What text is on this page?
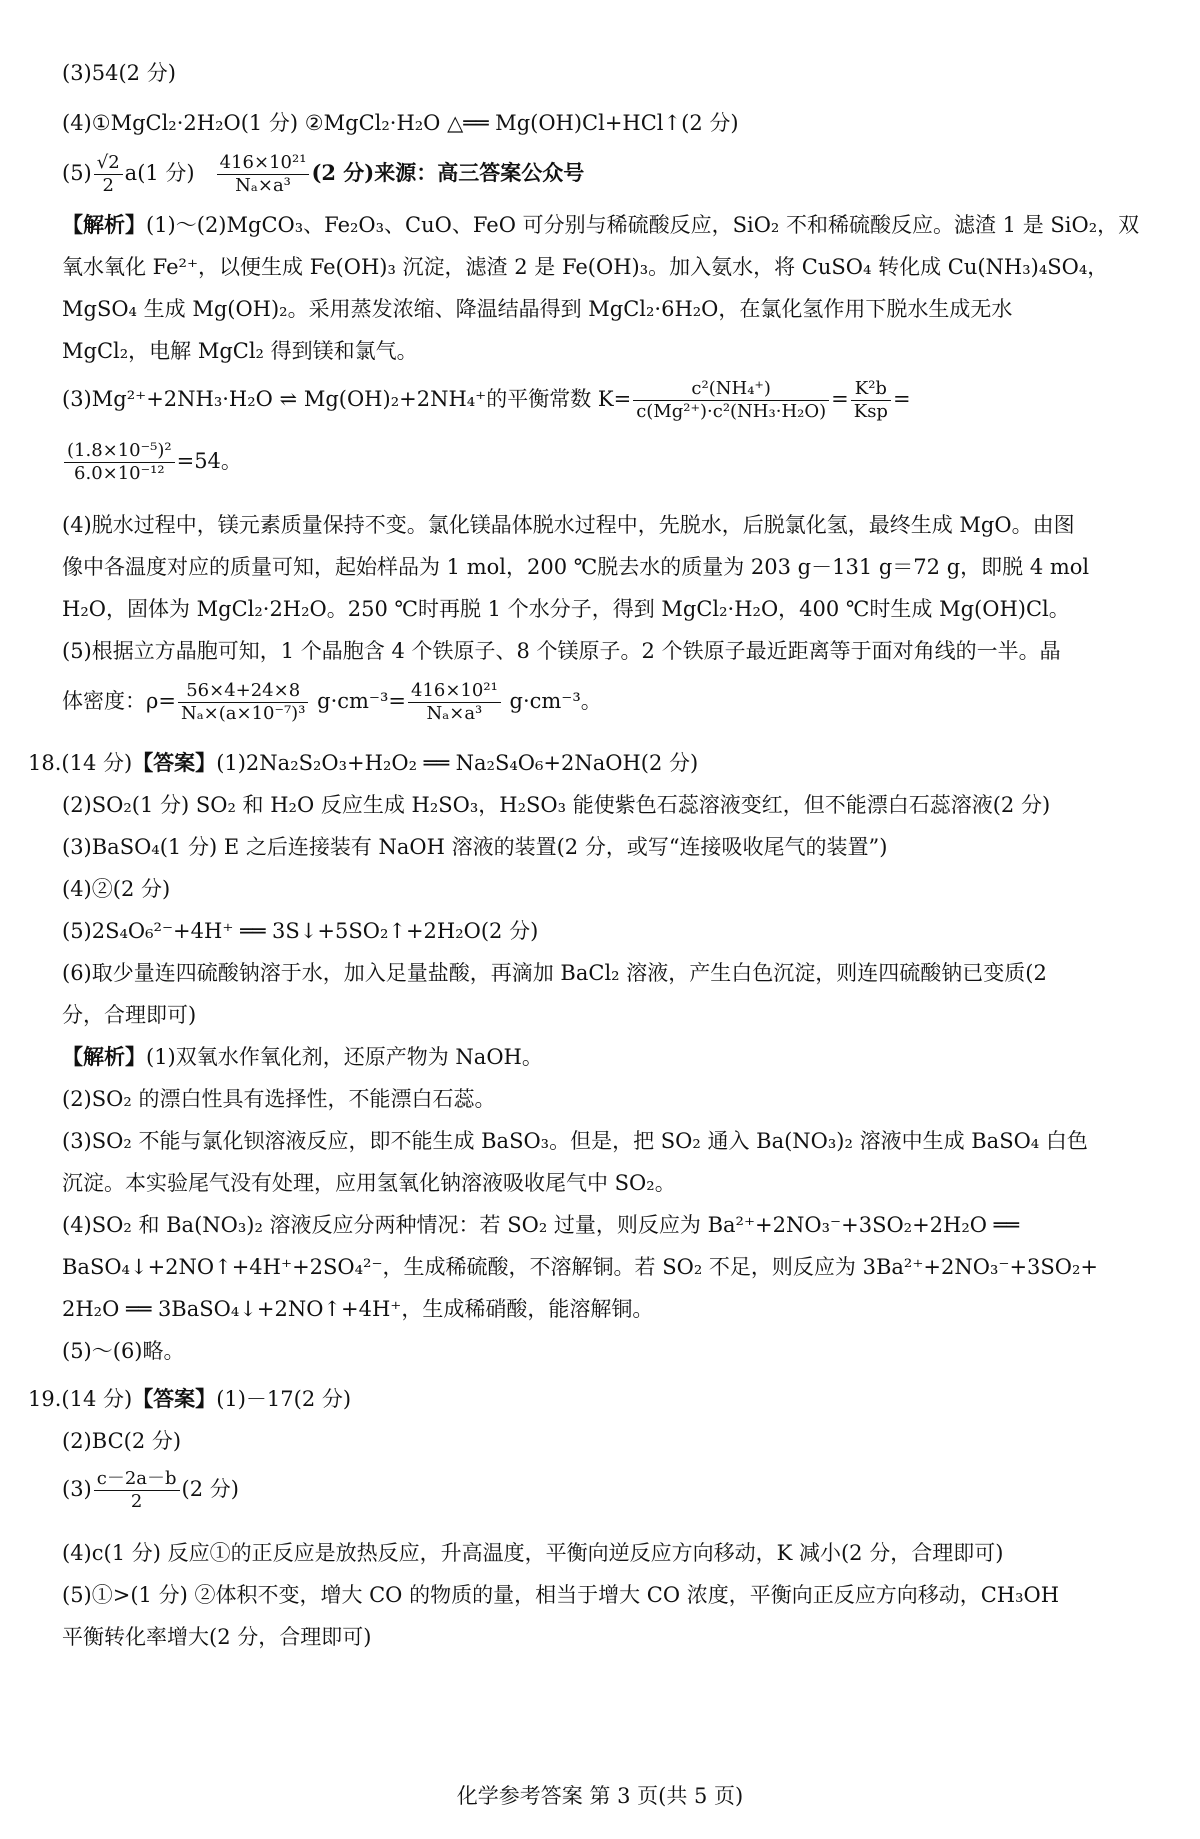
(3)54(2 分)
(4)①MgCl₂·2H₂O(1 分) ②MgCl₂·H₂O △══ Mg(OH)Cl+HCl↑(2 分)
$(5) \frac{√2}{2} a(1$ 分) $\frac{\text{416×10²¹}}{\text{Nₐ×a³}} (2$ 分)来源：高三答案公众号
【解析】(1)～(2)MgCO₃、Fe₂O₃、CuO、FeO 可分别与稀硫酸反应，SiO₂ 不和稀硫酸反应。滤渣 1 是 SiO₂，双
氧水氧化 Fe²⁺，以便生成 Fe(OH)₃ 沉淀，滤渣 2 是 Fe(OH)₃。加入氨水，将 CuSO₄ 转化成 Cu(NH₃)₄SO₄，
MgSO₄ 生成 Mg(OH)₂。采用蒸发浓缩、降温结晶得到 MgCl₂·6H₂O，在氯化氢作用下脱水生成无水
MgCl₂，电解 MgCl₂ 得到镁和氯气。
(3)Mg²⁺+2NH₃·H₂O ⇌ Mg(OH)₂+2NH₄⁺的平衡常数 $K= \frac{\text{c²(NH₄⁺)}}{\text{c(Mg²⁺)·c²(NH₃·H₂O)}} = \frac{\text{K²b}}{\text{Ksp}}$ =
$\frac{\text{(1.8×10⁻⁵)²}}{\text{6.0×10⁻¹²}} =54$。
(4)脱水过程中，镁元素质量保持不变。氯化镁晶体脱水过程中，先脱水，后脱氯化氢，最终生成 MgO。由图
像中各温度对应的质量可知，起始样品为 1 mol，200 ℃脱去水的质量为 203 g－131 g＝72 g，即脱 4 mol
H₂O，固体为 MgCl₂·2H₂O。250 ℃时再脱 1 个水分子，得到 MgCl₂·H₂O，400 ℃时生成 Mg(OH)Cl。
(5)根据立方晶胞可知，1 个晶胞含 4 个铁原子、8 个镁原子。2 个铁原子最近距离等于面对角线的一半。晶
体密度：$\rho= \frac{56\times 4+24\times 8}{\text{Nₐ×(a×10⁻⁷)³}} g\cdot cm^{-3}= \frac{\text{416×10²¹}}{\text{Nₐ×a³}} g\cdot cm^{-3}$。
18.(14 分)【答案】(1)2Na₂S₂O₃+H₂O₂ ══ Na₂S₄O₆+2NaOH(2 分)
(2)SO₂(1 分) SO₂ 和 H₂O 反应生成 H₂SO₃，H₂SO₃ 能使紫色石蕊溶液变红，但不能漂白石蕊溶液(2 分)
(3)BaSO₄(1 分) E 之后连接装有 NaOH 溶液的装置(2 分，或写“连接吸收尾气的装置”)
(4)②(2 分)
(5)2S₄O₆²⁻+4H⁺ ══ 3S↓+5SO₂↑+2H₂O(2 分)
(6)取少量连四硫酸钠溶于水，加入足量盐酸，再滴加 BaCl₂ 溶液，产生白色沉淀，则连四硫酸钠已变质(2
分，合理即可)
【解析】(1)双氧水作氧化剂，还原产物为 NaOH。
(2)SO₂ 的漂白性具有选择性，不能漂白石蕊。
(3)SO₂ 不能与氯化钡溶液反应，即不能生成 BaSO₃。但是，把 SO₂ 通入 Ba(NO₃)₂ 溶液中生成 BaSO₄ 白色
沉淀。本实验尾气没有处理，应用氢氧化钠溶液吸收尾气中 SO₂。
(4)SO₂ 和 Ba(NO₃)₂ 溶液反应分两种情况：若 SO₂ 过量，则反应为 Ba²⁺+2NO₃⁻+3SO₂+2H₂O ══
BaSO₄↓+2NO↑+4H⁺+2SO₄²⁻，生成稀硫酸，不溶解铜。若 SO₂ 不足，则反应为 3Ba²⁺+2NO₃⁻+3SO₂+
2H₂O ══ 3BaSO₄↓+2NO↑+4H⁺，生成稀硝酸，能溶解铜。
(5)～(6)略。
19.(14 分)【答案】(1)－17(2 分)
(2)BC(2 分)
$(3) \frac{c-2a-b}{2} (2$ 分)
(4)c(1 分) 反应①的正反应是放热反应，升高温度，平衡向逆反应方向移动，K 减小(2 分，合理即可)
(5)①>(1 分) ②体积不变，增大 CO 的物质的量，相当于增大 CO 浓度，平衡向正反应方向移动，CH₃OH
平衡转化率增大(2 分，合理即可)
化学参考答案 第 3 页(共 5 页)
